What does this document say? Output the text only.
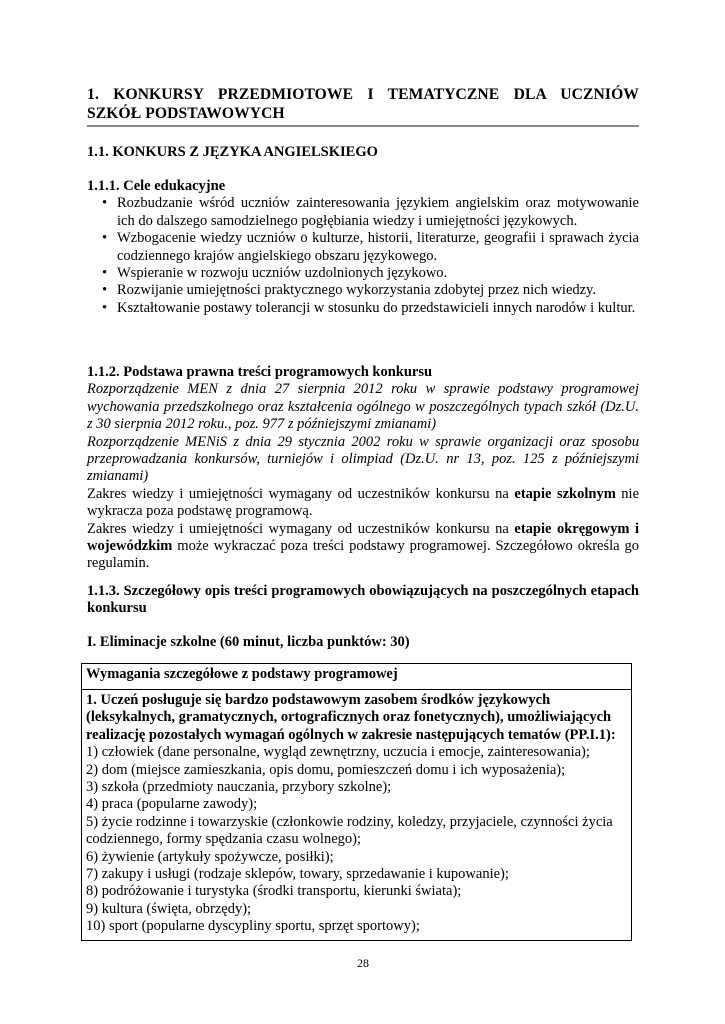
1. KONKURSY PRZEDMIOTOWE I TEMATYCZNE DLA UCZNIÓW
SZKÓŁ PODSTAWOWYCH
1.1. KONKURS Z JĘZYKA ANGIELSKIEGO
1.1.1. Cele edukacyjne
• Rozbudzanie wśród uczniów zainteresowania językiem angielskim oraz motywowanie ich do dalszego samodzielnego pogłębiania wiedzy i umiejętności językowych.
• Wzbogacenie wiedzy uczniów o kulturze, historii, literaturze, geografii i sprawach życia codziennego krajów angielskiego obszaru językowego.
• Wspieranie w rozwoju uczniów uzdolnionych językowo.
• Rozwijanie umiejętności praktycznego wykorzystania zdobytej przez nich wiedzy.
• Kształtowanie postawy tolerancji w stosunku do przedstawicieli innych narodów i kultur.
1.1.2. Podstawa prawna treści programowych konkursu
Rozporządzenie MEN z dnia 27 sierpnia 2012 roku w sprawie podstawy programowej wychowania przedszkolnego oraz kształcenia ogólnego w poszczególnych typach szkół (Dz.U. z 30 sierpnia 2012 roku., poz. 977 z późniejszymi zmianami)
Rozporządzenie MENiS z dnia 29 stycznia 2002 roku w sprawie organizacji oraz sposobu przeprowadzania konkursów, turniejów i olimpiad (Dz.U. nr 13, poz. 125 z późniejszymi zmianami)
Zakres wiedzy i umiejętności wymagany od uczestników konkursu na etapie szkolnym nie wykracza poza podstawę programową.
Zakres wiedzy i umiejętności wymagany od uczestników konkursu na etapie okręgowym i wojewódzkim może wykraczać poza treści podstawy programowej. Szczegółowo określa go regulamin.
1.1.3. Szczegółowy opis treści programowych obowiązujących na poszczególnych etapach konkursu
I. Eliminacje szkolne (60 minut, liczba punktów: 30)
Wymagania szczegółowe z podstawy programowej
1. Uczeń posługuje się bardzo podstawowym zasobem środków językowych (leksykalnych, gramatycznych, ortograficznych oraz fonetycznych), umożliwiających realizację pozostałych wymagań ogólnych w zakresie następujących tematów (PP.I.1):
1) człowiek (dane personalne, wygląd zewnętrzny, uczucia i emocje, zainteresowania);
2) dom (miejsce zamieszkania, opis domu, pomieszczeń domu i ich wyposażenia);
3) szkoła (przedmioty nauczania, przybory szkolne);
4) praca (popularne zawody);
5) życie rodzinne i towarzyskie (członkowie rodziny, koledzy, przyjaciele, czynności życia codziennego, formy spędzania czasu wolnego);
6) żywienie (artykuły spożywcze, posiłki);
7) zakupy i usługi (rodzaje sklepów, towary, sprzedawanie i kupowanie);
8) podróżowanie i turystyka (środki transportu, kierunki świata);
9) kultura (święta, obrzędy);
10) sport (popularne dyscypliny sportu, sprzęt sportowy);
28
